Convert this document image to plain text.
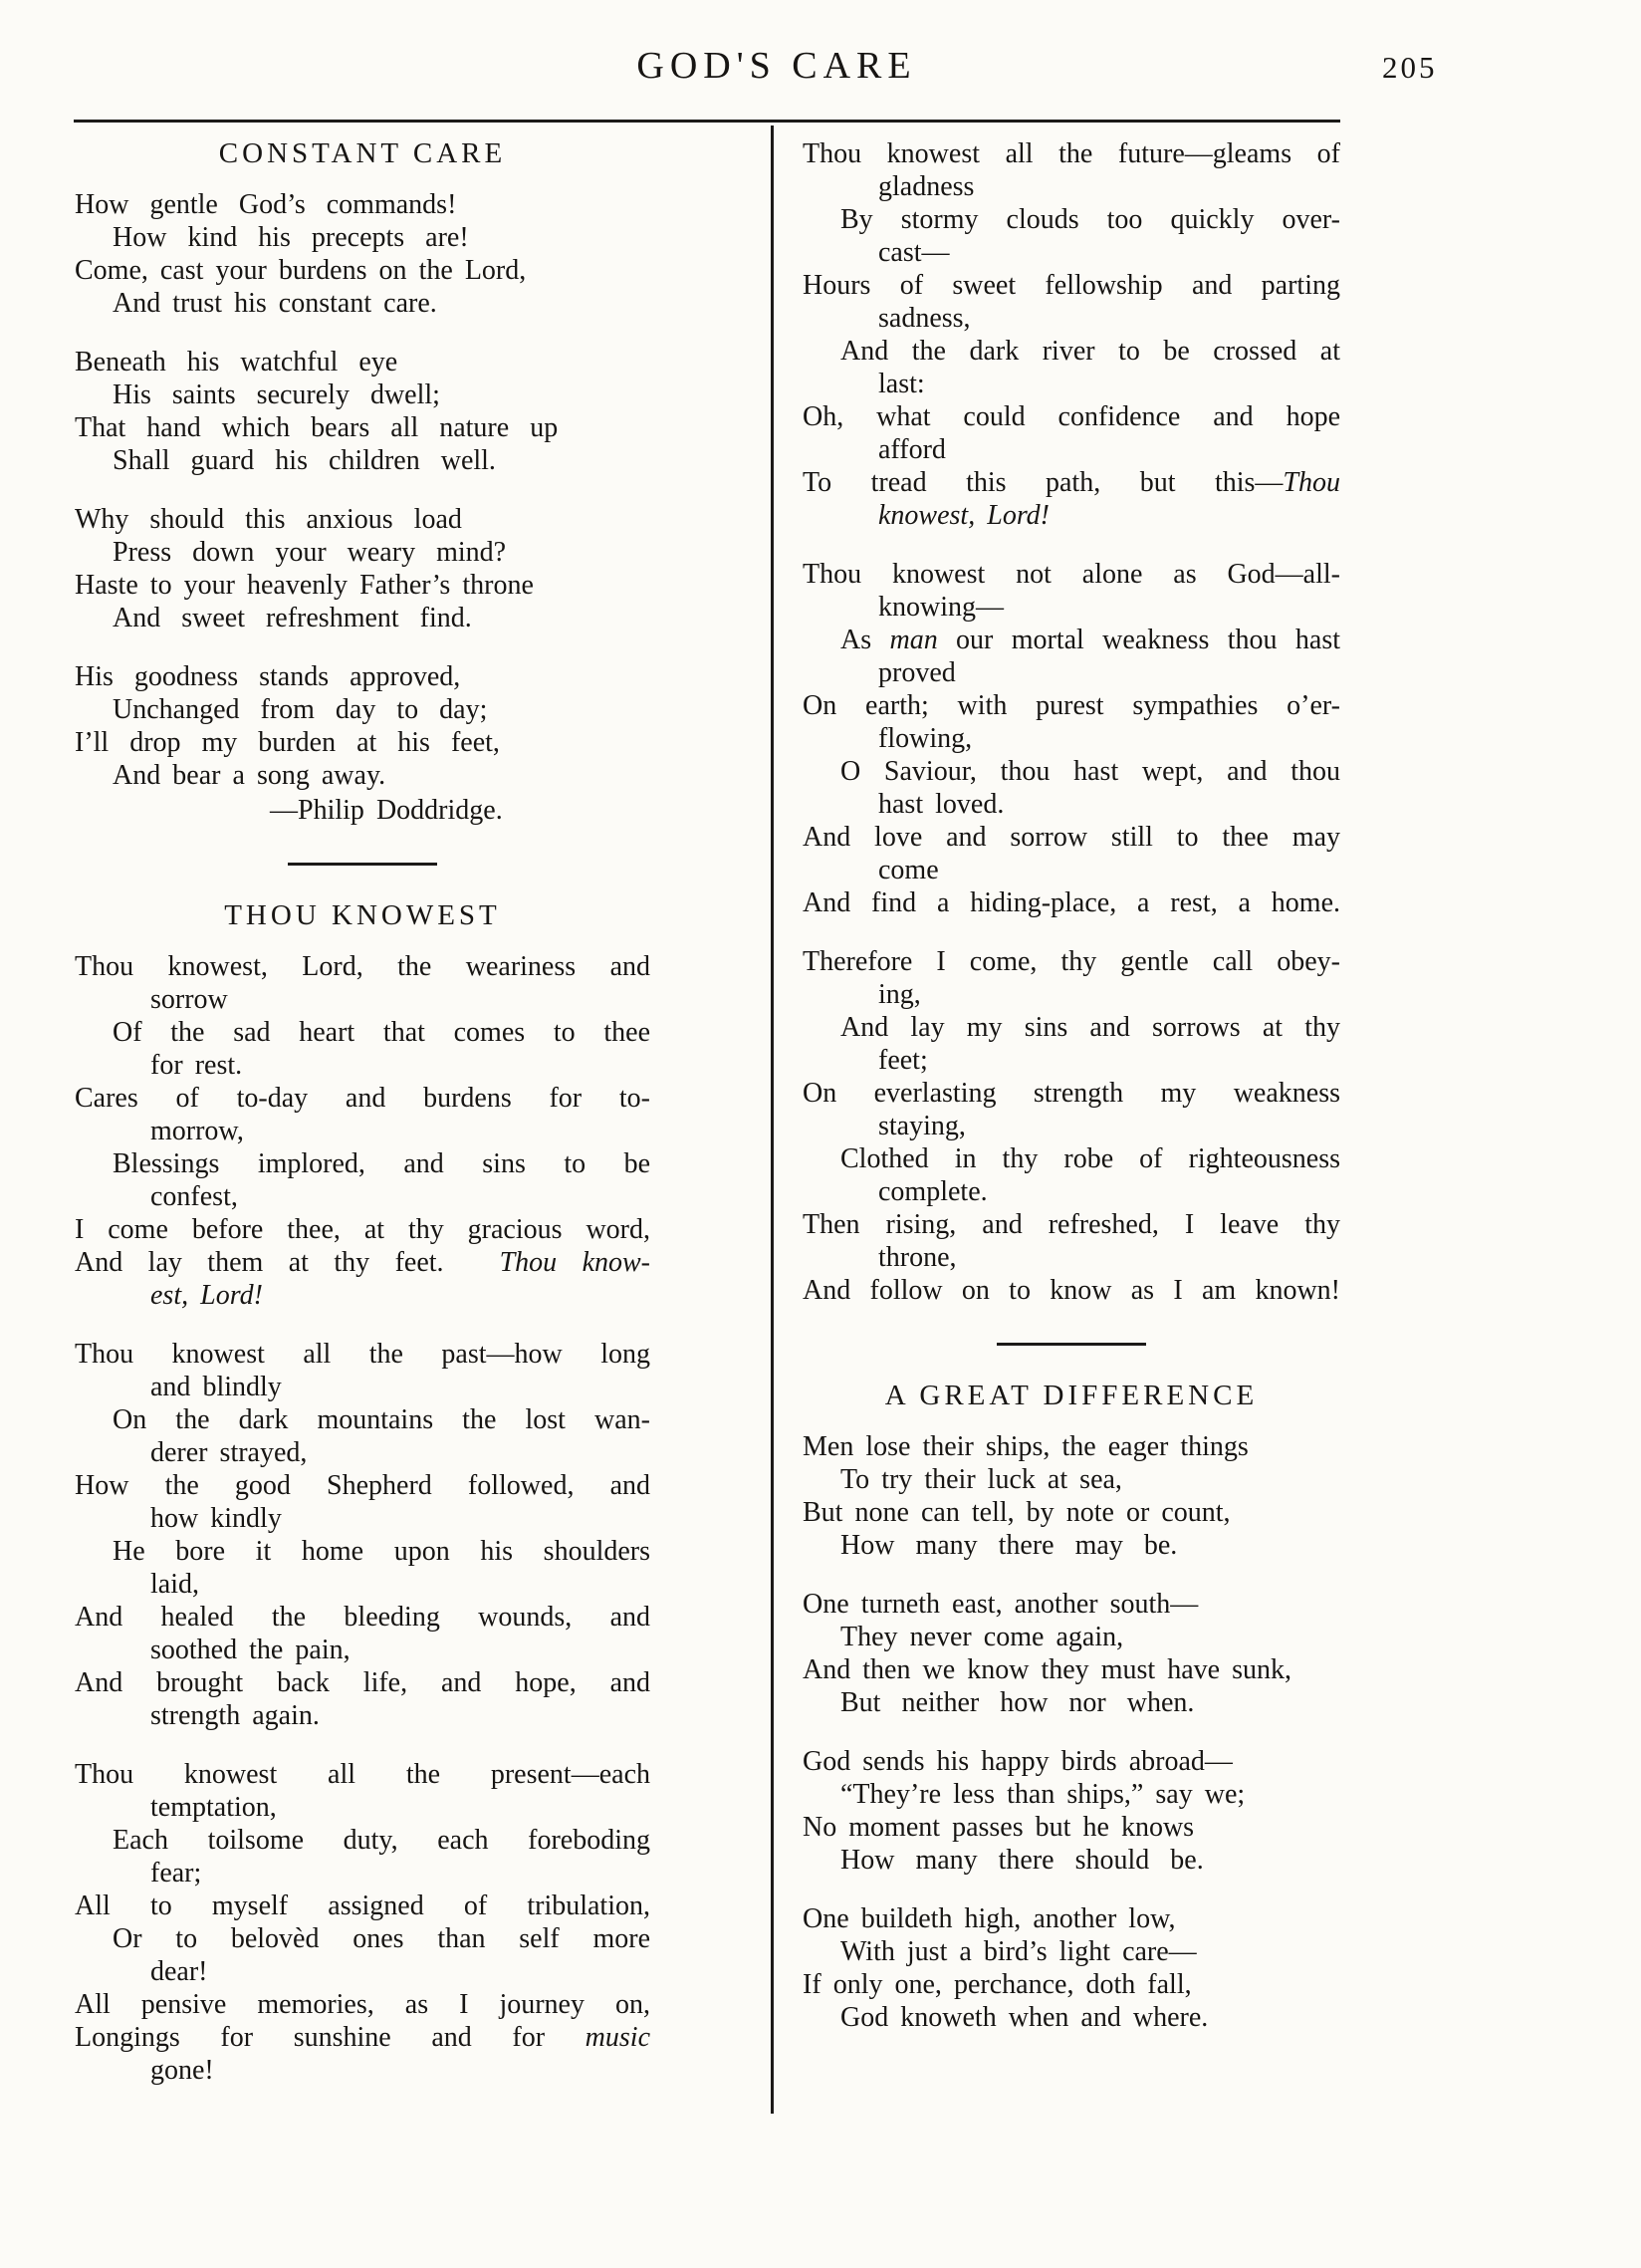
GOD'S CARE	205
CONSTANT CARE
How gentle God’s commands!
How kind his precepts are!
Come, cast your burdens on the Lord,
And trust his constant care.
Beneath his watchful eye
His saints securely dwell;
That hand which bears all nature up
Shall guard his children well.
Why should this anxious load
Press down your weary mind?
Haste to your heavenly Father’s throne
And sweet refreshment find.
His goodness stands approved,
Unchanged from day to day;
I’ll drop my burden at his feet,
And bear a song away.
—Philip Doddridge.
THOU KNOWEST
Thou knowest, Lord, the weariness and
sorrow
Of the sad heart that comes to thee
for rest.
Cares of to-day and burdens for to-
morrow,
Blessings implored, and sins to be
confest,
I come before thee, at thy gracious word,
And lay them at thy feet.  Thou know-
est, Lord!
Thou knowest all the past—how long
and blindly
On the dark mountains the lost wan-
derer strayed,
How the good Shepherd followed, and
how kindly
He bore it home upon his shoulders
laid,
And healed the bleeding wounds, and
soothed the pain,
And brought back life, and hope, and
strength again.
Thou knowest all the present—each
temptation,
Each toilsome duty, each foreboding
fear;
All to myself assigned of tribulation,
Or to belovèd ones than self more
dear!
All pensive memories, as I journey on,
Longings for sunshine and for music
gone!
Thou knowest all the future—gleams of
gladness
By stormy clouds too quickly over-
cast—
Hours of sweet fellowship and parting
sadness,
And the dark river to be crossed at
last:
Oh, what could confidence and hope
afford
To tread this path, but this—Thou
knowest, Lord!
Thou knowest not alone as God—all-
knowing—
As man our mortal weakness thou hast
proved
On earth; with purest sympathies o’er-
flowing,
O Saviour, thou hast wept, and thou
hast loved.
And love and sorrow still to thee may
come
And find a hiding-place, a rest, a home.
Therefore I come, thy gentle call obey-
ing,
And lay my sins and sorrows at thy
feet;
On everlasting strength my weakness
staying,
Clothed in thy robe of righteousness
complete.
Then rising, and refreshed, I leave thy
throne,
And follow on to know as I am known!
A GREAT DIFFERENCE
Men lose their ships, the eager things
To try their luck at sea,
But none can tell, by note or count,
How many there may be.
One turneth east, another south—
They never come again,
And then we know they must have sunk,
But neither how nor when.
God sends his happy birds abroad—
“They’re less than ships,” say we;
No moment passes but he knows
How many there should be.
One buildeth high, another low,
With just a bird’s light care—
If only one, perchance, doth fall,
God knoweth when and where.
